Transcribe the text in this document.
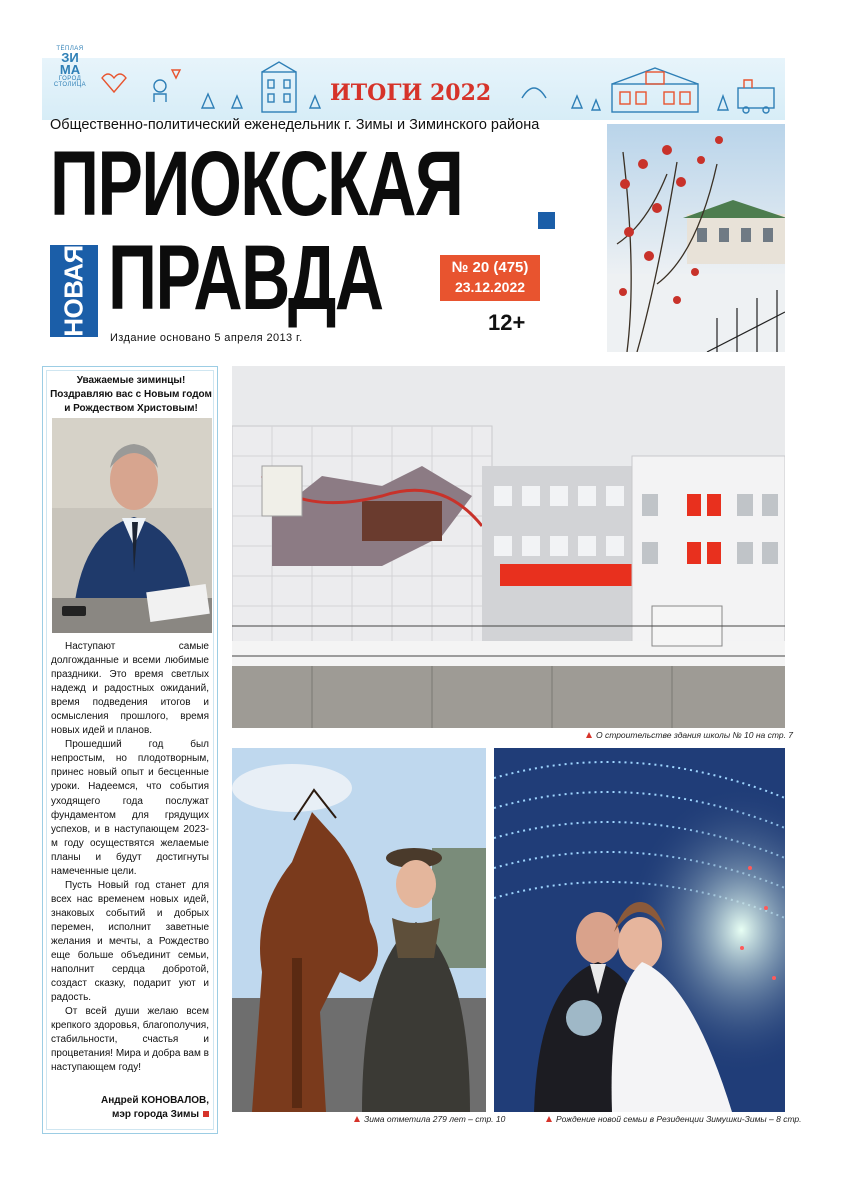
ТЁПЛАЯ
ЗИ
МА
ГОРОД СТОЛИЦА	ИТОГИ 2022
Общественно-политический еженедельник г. Зимы и Зиминского района
ПРИОКСКАЯ
НОВАЯ ПРАВДА	№ 20 (475)
23.12.2022
12+
Издание основано 5 апреля 2013 г.
Уважаемые зиминцы!
Поздравляю вас с Новым годом
и Рождеством Христовым!

Наступают самые долгожданные и всеми любимые праздники. Это время светлых надежд и радостных ожиданий, время подведения итогов и осмысления прошлого, время новых идей и планов.

Прошедший год был непростым, но плодотворным, принес новый опыт и бесценные уроки. Надеемся, что события уходящего года послужат фундаментом для грядущих успехов, и в наступающем 2023-м году осуществятся желаемые планы и будут достигнуты намеченные цели.

Пусть Новый год станет для всех нас временем новых идей, знаковых событий и добрых перемен, исполнит заветные желания и мечты, а Рождество еще больше объединит семьи, наполнит сердца добротой, создаст сказку, подарит уют и радость.

От всей души желаю всем крепкого здоровья, благополучия, стабильности, счастья и процветания! Мира и добра вам в наступающем году!

Андрей КОНОВАЛОВ,
мэр города Зимы
О строительстве здания школы № 10 на стр. 7
Зима отметила 279 лет – стр. 10	Рождение новой семьи в Резиденции Зимушки-Зимы – 8 стр.
